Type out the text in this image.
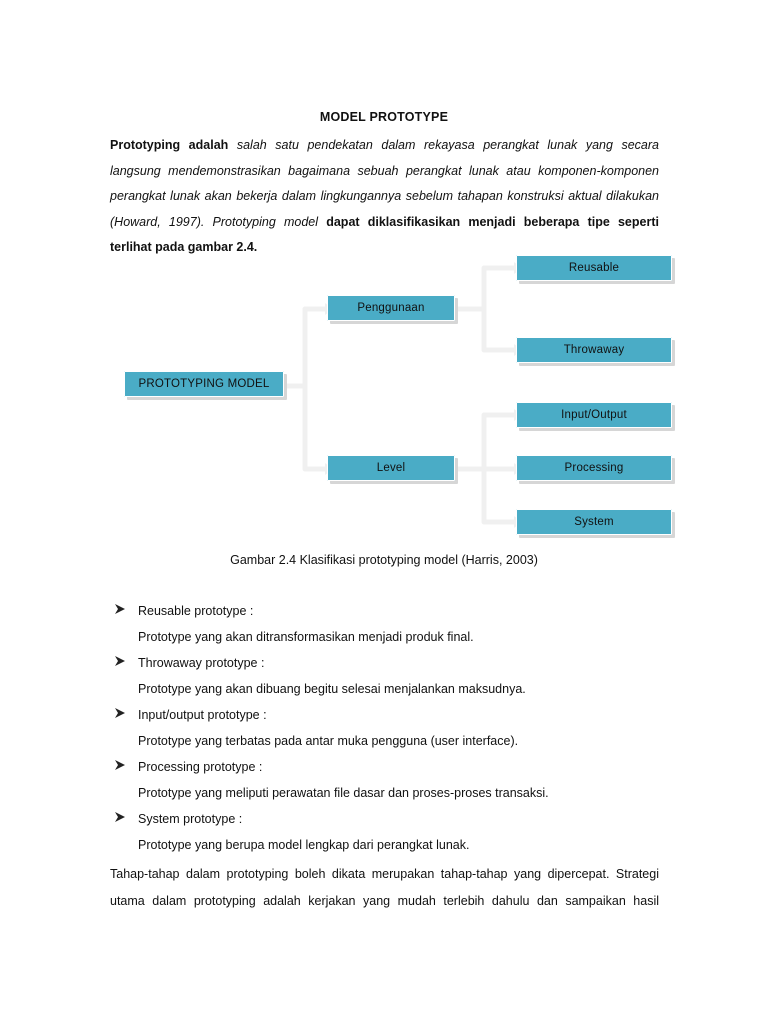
MODEL PROTOTYPE
Prototyping adalah salah satu pendekatan dalam rekayasa perangkat lunak yang secara langsung mendemonstrasikan bagaimana sebuah perangkat lunak atau komponen-komponen perangkat lunak akan bekerja dalam lingkungannya sebelum tahapan konstruksi aktual dilakukan (Howard, 1997). Prototyping model dapat diklasifikasikan menjadi beberapa tipe seperti terlihat pada gambar 2.4.
PROTOTYPING MODEL
Penggunaan
Level
Reusable
Throwaway
Input/Output
Processing
System
Gambar 2.4 Klasifikasi prototyping model (Harris, 2003)
Reusable prototype :
Prototype yang akan ditransformasikan menjadi produk final.
Throwaway prototype :
Prototype yang akan dibuang begitu selesai menjalankan maksudnya.
Input/output prototype :
Prototype yang terbatas pada antar muka pengguna (user interface).
Processing prototype :
Prototype yang meliputi perawatan file dasar dan proses-proses transaksi.
System prototype :
Prototype yang berupa model lengkap dari perangkat lunak.
Tahap-tahap dalam prototyping boleh dikata merupakan tahap-tahap yang dipercepat. Strategi utama dalam prototyping adalah kerjakan yang mudah terlebih dahulu dan sampaikan hasil
